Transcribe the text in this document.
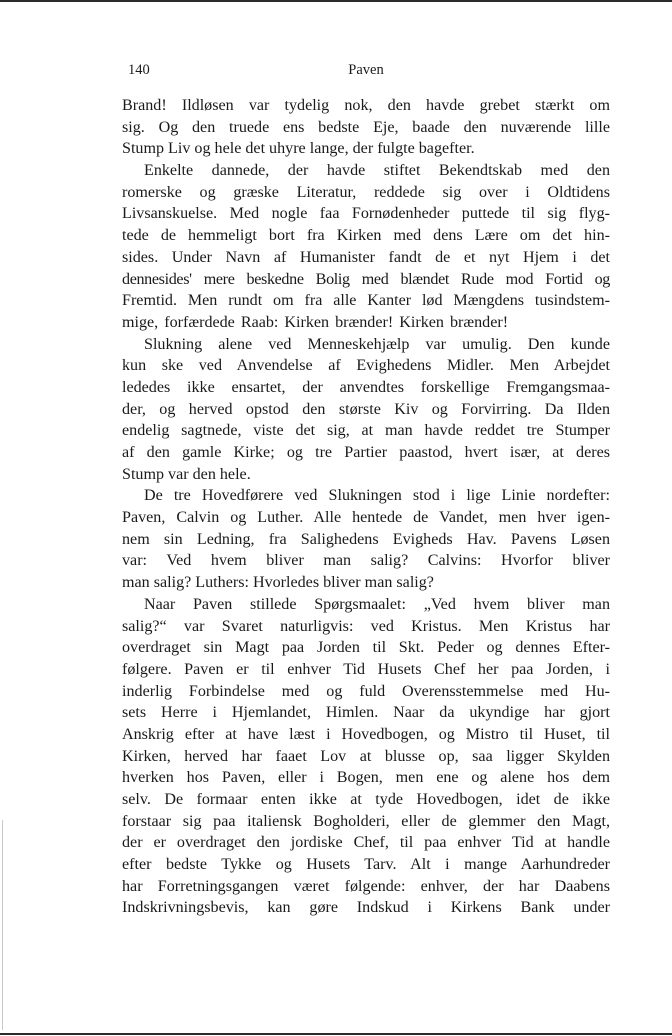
140	Paven
Brand! Ildløsen var tydelig nok, den havde grebet stærkt om
sig. Og den truede ens bedste Eje, baade den nuværende lille
Stump Liv og hele det uhyre lange, der fulgte bagefter.
Enkelte dannede, der havde stiftet Bekendtskab med den
romerske og græske Literatur, reddede sig over i Oldtidens
Livsanskuelse. Med nogle faa Fornødenheder puttede til sig flyg-
tede de hemmeligt bort fra Kirken med dens Lære om det hin-
sides. Under Navn af Humanister fandt de et nyt Hjem i det
dennesides' mere beskedne Bolig med blændet Rude mod Fortid og
Fremtid. Men rundt om fra alle Kanter lød Mængdens tusindstem-
mige, forfærdede Raab: Kirken brænder! Kirken brænder!
Slukning alene ved Menneskehjælp var umulig. Den kunde
kun ske ved Anvendelse af Evighedens Midler. Men Arbejdet
lededes ikke ensartet, der anvendtes forskellige Fremgangsmaa-
der, og herved opstod den største Kiv og Forvirring. Da Ilden
endelig sagtnede, viste det sig, at man havde reddet tre Stumper
af den gamle Kirke; og tre Partier paastod, hvert især, at deres
Stump var den hele.
De tre Hovedførere ved Slukningen stod i lige Linie nordefter:
Paven, Calvin og Luther. Alle hentede de Vandet, men hver igen-
nem sin Ledning, fra Salighedens Evigheds Hav. Pavens Løsen
var: Ved hvem bliver man salig? Calvins: Hvorfor bliver
man salig? Luthers: Hvorledes bliver man salig?
Naar Paven stillede Spørgsmaalet: „Ved hvem bliver man
salig?“ var Svaret naturligvis: ved Kristus. Men Kristus har
overdraget sin Magt paa Jorden til Skt. Peder og dennes Efter-
følgere. Paven er til enhver Tid Husets Chef her paa Jorden, i
inderlig Forbindelse med og fuld Overensstemmelse med Hu-
sets Herre i Hjemlandet, Himlen. Naar da ukyndige har gjort
Anskrig efter at have læst i Hovedbogen, og Mistro til Huset, til
Kirken, herved har faaet Lov at blusse op, saa ligger Skylden
hverken hos Paven, eller i Bogen, men ene og alene hos dem
selv. De formaar enten ikke at tyde Hovedbogen, idet de ikke
forstaar sig paa italiensk Bogholderi, eller de glemmer den Magt,
der er overdraget den jordiske Chef, til paa enhver Tid at handle
efter bedste Tykke og Husets Tarv. Alt i mange Aarhundreder
har Forretningsgangen været følgende: enhver, der har Daabens
Indskrivningsbevis, kan gøre Indskud i Kirkens Bank under
